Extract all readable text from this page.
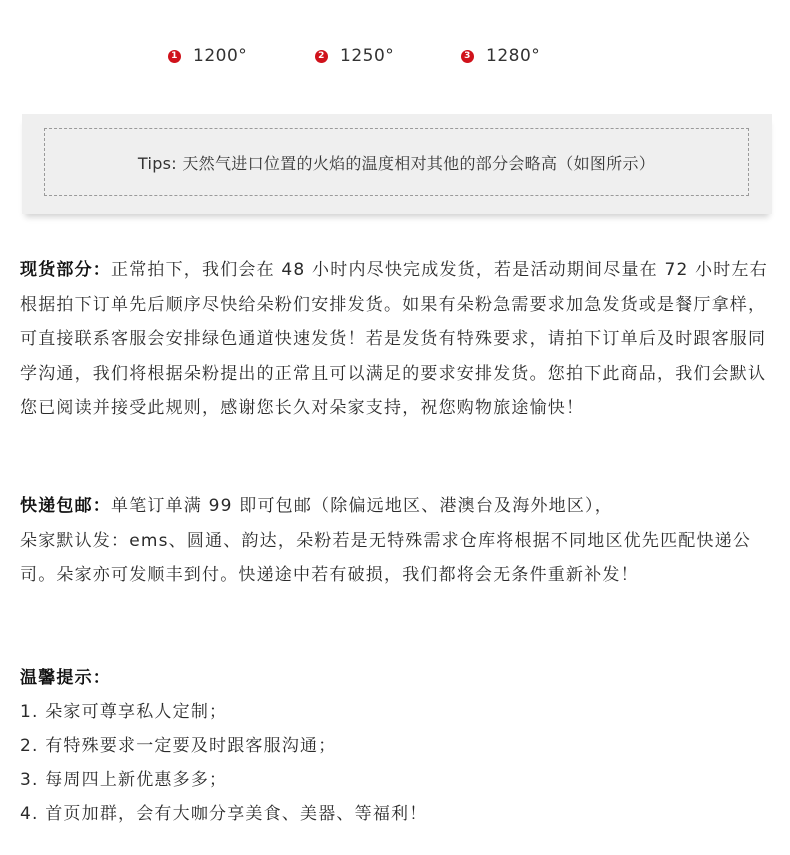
1 1200°	2 1250°	3 1280°
Tips: 天然气进口位置的火焰的温度相对其他的部分会略高（如图所示）

现货部分：正常拍下，我们会在 48 小时内尽快完成发货，若是活动期间尽量在 72 小时左右根据拍下订单先后顺序尽快给朵粉们安排发货。如果有朵粉急需要求加急发货或是餐厅拿样，可直接联系客服会安排绿色通道快速发货！若是发货有特殊要求，请拍下订单后及时跟客服同学沟通，我们将根据朵粉提出的正常且可以满足的要求安排发货。您拍下此商品，我们会默认您已阅读并接受此规则，感谢您长久对朵家支持，祝您购物旅途愉快！

快递包邮：单笔订单满 99 即可包邮（除偏远地区、港澳台及海外地区），
朵家默认发：ems、圆通、韵达，朵粉若是无特殊需求仓库将根据不同地区优先匹配快递公司。朵家亦可发顺丰到付。快递途中若有破损，我们都将会无条件重新补发！

温馨提示：
1. 朵家可尊享私人定制；
2. 有特殊要求一定要及时跟客服沟通；
3. 每周四上新优惠多多；
4. 首页加群，会有大咖分享美食、美器、等福利！
